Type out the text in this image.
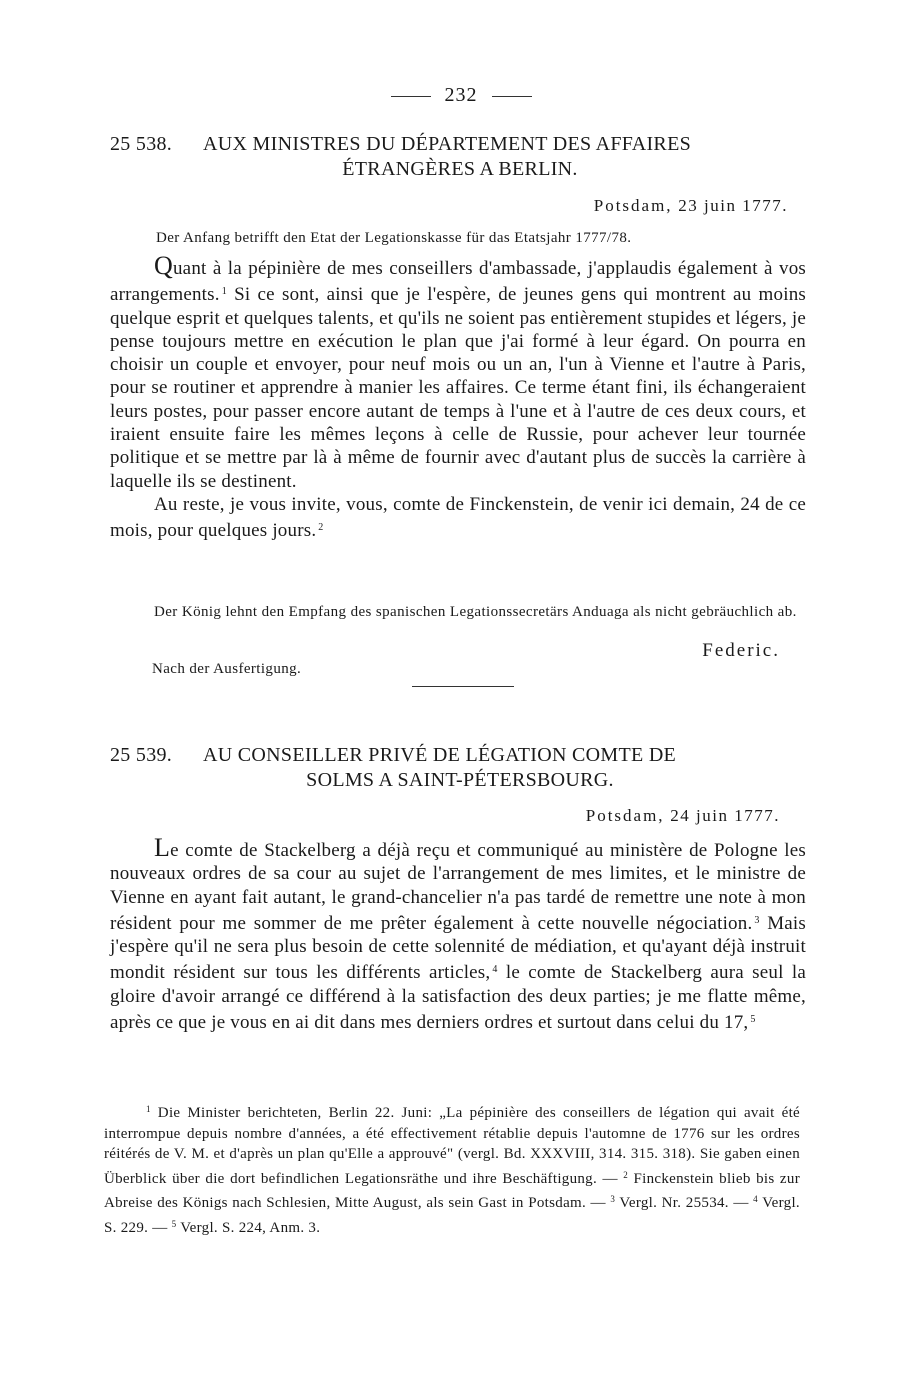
232
25 538. AUX MINISTRES DU DÉPARTEMENT DES AFFAIRES
ÉTRANGÈRES A BERLIN.
Potsdam, 23 juin 1777.
Der Anfang betrifft den Etat der Legationskasse für das Etatsjahr 1777/78.

Quant à la pépinière de mes conseillers d'ambassade, j'applaudis également à vos arrangements. $^1$ Si ce sont, ainsi que je l'espère, de jeunes gens qui montrent au moins quelque esprit et quelques talents, et qu'ils ne soient pas entièrement stupides et légers, je pense toujours mettre en exécution le plan que j'ai formé à leur égard. On pourra en choisir un couple et envoyer, pour neuf mois ou un an, l'un à Vienne et l'autre à Paris, pour se routiner et apprendre à manier les affaires. Ce terme étant fini, ils échangeraient leurs postes, pour passer encore autant de temps à l'une et à l'autre de ces deux cours, et iraient ensuite faire les mêmes leçons à celle de Russie, pour achever leur tournée politique et se mettre par là à même de fournir avec d'autant plus de succès la carrière à laquelle ils se destinent.

Au reste, je vous invite, vous, comte de Finckenstein, de venir ici demain, 24 de ce mois, pour quelques jours. $^2$

Der König lehnt den Empfang des spanischen Legationssecretärs Anduaga als nicht gebräuchlich ab.
Federic.
Nach der Ausfertigung.
25 539. AU CONSEILLER PRIVÉ DE LÉGATION COMTE DE
SOLMS A SAINT-PÉTERSBOURG.
Potsdam, 24 juin 1777.

Le comte de Stackelberg a déjà reçu et communiqué au ministère de Pologne les nouveaux ordres de sa cour au sujet de l'arrangement de mes limites, et le ministre de Vienne en ayant fait autant, le grand-chancelier n'a pas tardé de remettre une note à mon résident pour me sommer de me prêter également à cette nouvelle négociation. $^3$ Mais j'espère qu'il ne sera plus besoin de cette solennité de médiation, et qu'ayant déjà instruit mondit résident sur tous les différents articles, $^4$ le comte de Stackelberg aura seul la gloire d'avoir arrangé ce différend à la satisfaction des deux parties; je me flatte même, après ce que je vous en ai dit dans mes derniers ordres et surtout dans celui du 17, $^5$

$^1$ Die Minister berichteten, Berlin 22. Juni: „La pépinière des conseillers de légation qui avait été interrompue depuis nombre d'années, a été effectivement rétablie depuis l'automne de 1776 sur les ordres réitérés de V. M. et d'après un plan qu'Elle a approuvé" (vergl. Bd. XXXVIII, 314. 315. 318). Sie gaben einen Überblick über die dort befindlichen Legationsräthe und ihre Beschäftigung. — $^2$ Finckenstein blieb bis zur Abreise des Königs nach Schlesien, Mitte August, als sein Gast in Potsdam. — $^3$ Vergl. Nr. 25534. — $^4$ Vergl. S. 229. — $^5$ Vergl. S. 224, Anm. 3.
